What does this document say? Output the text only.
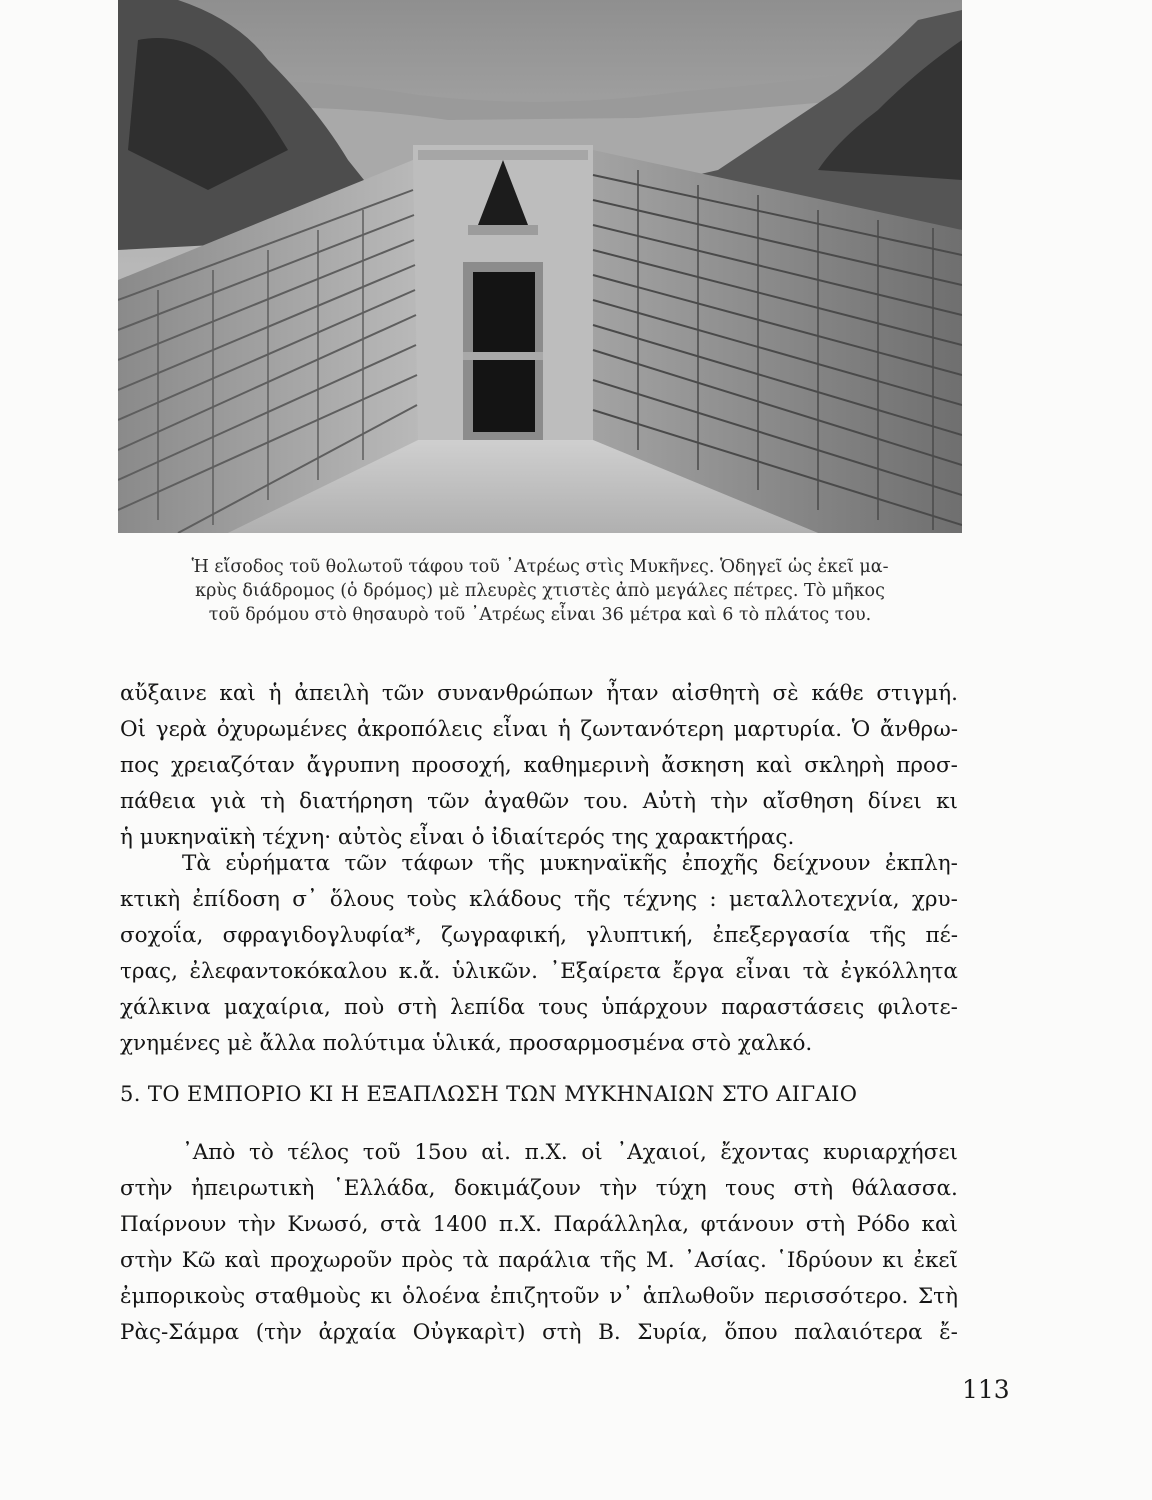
Ἡ εἴσοδος τοῦ θολωτοῦ τάφου τοῦ ᾿Ατρέως στὶς Μυκῆνες. Ὁδηγεῖ ὡς ἐκεῖ μα-

κρὺς διάδρομος (ὁ δρόμος) μὲ πλευρὲς χτιστὲς ἀπὸ μεγάλες πέτρες. Τὸ μῆκος

τοῦ δρόμου στὸ θησαυρὸ τοῦ ᾿Ατρέως εἶναι 36 μέτρα καὶ 6 τὸ πλάτος του.

αὔξαινε καὶ ἡ ἀπειλὴ τῶν συνανθρώπων ἦταν αἰσθητὴ σὲ κάθε στιγμή.
Οἱ γερὰ ὀχυρωμένες ἀκροπόλεις εἶναι ἡ ζωντανότερη μαρτυρία. Ὁ ἄνθρω-
πος χρειαζόταν ἄγρυπνη προσοχή, καθημερινὴ ἄσκηση καὶ σκληρὴ προσ-
πάθεια γιὰ τὴ διατήρηση τῶν ἀγαθῶν του. Αὐτὴ τὴν αἴσθηση δίνει κι
ἡ μυκηναϊκὴ τέχνη· αὐτὸς εἶναι ὁ ἰδιαίτερός της χαρακτήρας.
Τὰ εὑρήματα τῶν τάφων τῆς μυκηναϊκῆς ἐποχῆς δείχνουν ἐκπλη-
κτικὴ ἐπίδοση σ᾿ ὅλους τοὺς κλάδους τῆς τέχνης : μεταλλοτεχνία, χρυ-
σοχοΐα, σφραγιδογλυφία*, ζωγραφική, γλυπτική, ἐπεξεργασία τῆς πέ-
τρας, ἐλεφαντοκόκαλου κ.ἄ. ὑλικῶν. ᾿Εξαίρετα ἔργα εἶναι τὰ ἐγκόλλητα
χάλκινα μαχαίρια, ποὺ στὴ λεπίδα τους ὑπάρχουν παραστάσεις φιλοτε-
χνημένες μὲ ἄλλα πολύτιμα ὑλικά, προσαρμοσμένα στὸ χαλκό.
5. ΤΟ ΕΜΠΟΡΙΟ ΚΙ Η ΕΞΑΠΛΩΣΗ ΤΩΝ ΜΥΚΗΝΑΙΩΝ ΣΤΟ ΑΙΓΑΙΟ
᾿Απὸ τὸ τέλος τοῦ 15ου αἰ. π.Χ. οἱ ᾿Αχαιοί, ἔχοντας κυριαρχήσει
στὴν ἠπειρωτικὴ ῾Ελλάδα, δοκιμάζουν τὴν τύχη τους στὴ θάλασσα.
Παίρνουν τὴν Κνωσό, στὰ 1400 π.Χ. Παράλληλα, φτάνουν στὴ Ρόδο καὶ
στὴν Κῶ καὶ προχωροῦν πρὸς τὰ παράλια τῆς Μ. ᾿Ασίας. ῾Ιδρύουν κι ἐκεῖ
ἐμπορικοὺς σταθμοὺς κι ὁλοένα ἐπιζητοῦν ν᾿ ἁπλωθοῦν περισσότερο. Στὴ
Ρὰς-Σάμρα (τὴν ἀρχαία Οὐγκαρὶτ) στὴ Β. Συρία, ὅπου παλαιότερα ἔ-
113
